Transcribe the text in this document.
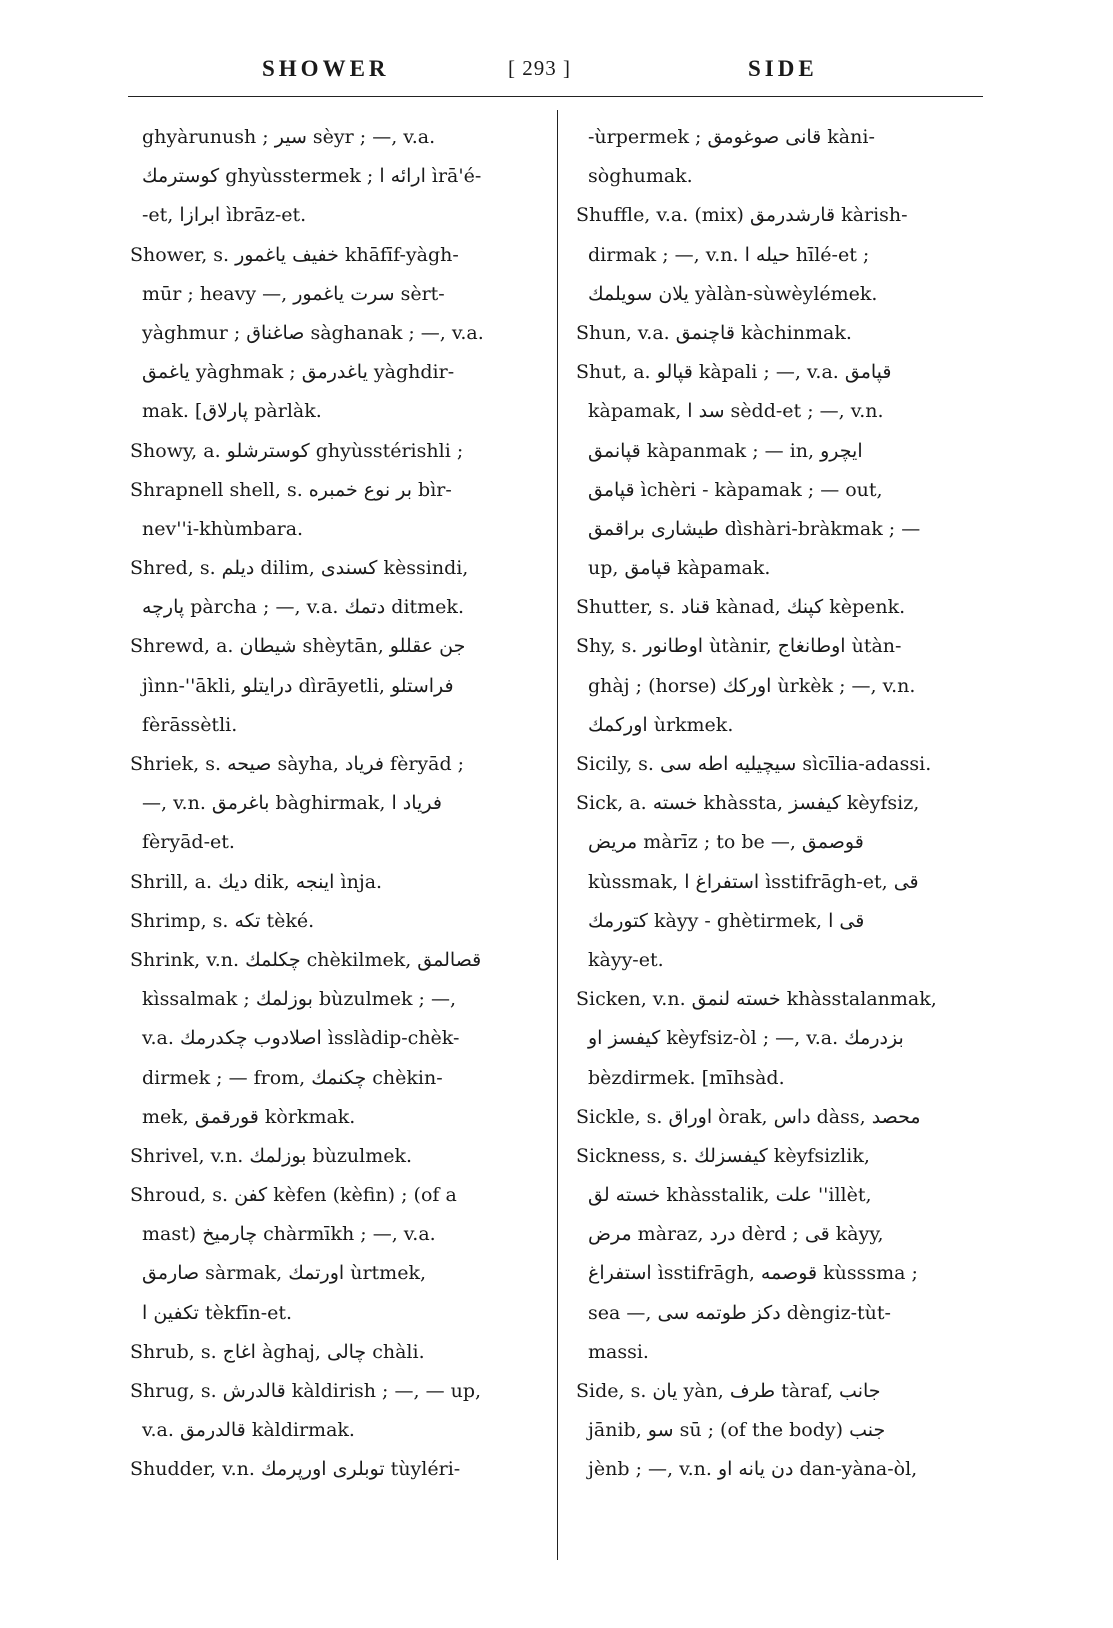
SHOWER	[ 293 ]	SIDE
ghyàrunush ; سیر sèyr ; —, v.a.
کوسترمك ghyùsstermek ; ارائه ا ìrā'é-
-et, ابرازا ìbrāz-et.
Shower, s. خفيف ياغمور khāfīf-yàgh-
mūr ; heavy —, سرت ياغمور sèrt-
yàghmur ; صاغناق sàghanak ; —, v.a.
ياغمق yàghmak ; ياغدرمق yàghdir-
mak. [پارلاق pàrlàk.
Showy, a. کوسترشلو ghyùsstérishli ;
Shrapnell shell, s. بر نوع خمبره bìr-
nev''i-khùmbara.
Shred, s. دیلم dilim, کسندی kèssindi,
پارچه pàrcha ; —, v.a. دتمك ditmek.
Shrewd, a. شیطان shèytān, جن عقللو
jìnn-''ākli, درایتلو dìrāyetli, فراستلو
fèrāssètli.
Shriek, s. صیحه sàyha, فریاد fèryād ;
—, v.n. باغرمق bàghirmak, فریاد ا
fèryād-et.
Shrill, a. دیك dik, اینجه ìnja.
Shrimp, s. تکه tèké.
Shrink, v.n. چکلمك chèkilmek, قصالمق
kìssalmak ; بوزلمك bùzulmek ; —,
v.a. اصلادوب چکدرمك ìsslàdip-chèk-
dirmek ; — from, چکنمك chèkin-
mek, قورقمق kòrkmak.
Shrivel, v.n. بوزلمك bùzulmek.
Shroud, s. کفن kèfen (kèfin) ; (of a
mast) چارمیخ chàrmīkh ; —, v.a.
صارمق sàrmak, اورتمك ùrtmek,
تکفین ا tèkfīn-et.
Shrub, s. اغاج àghaj, چالی chàli.
Shrug, s. قالدرش kàldirish ; —, — up,
v.a. قالدرمق kàldirmak.
Shudder, v.n. توبلری اورپرمك tùyléri-
-ùrpermek ; قانی صوغومق kàni-
sòghumak.
Shuffle, v.a. (mix) قارشدرمق kàrish-
dirmak ; —, v.n. حیله ا hīlé-et ;
یلان سویلمك yàlàn-sùwèylémek.
Shun, v.a. قاچنمق kàchinmak.
Shut, a. قپالو kàpali ; —, v.a. قپامق
kàpamak, سد ا sèdd-et ; —, v.n.
قپانمق kàpanmak ; — in, ایچرو
قپامق ìchèri - kàpamak ; — out,
طیشاری براقمق dìshàri-bràkmak ; —
up, قپامق kàpamak.
Shutter, s. قناد kànad, کپنك kèpenk.
Shy, s. اوطانور ùtànir, اوطانغاج ùtàn-
ghàj ; (horse) اورکك ùrkèk ; —, v.n.
اورکمك ùrkmek.
Sicily, s. سیچیلیه اطه سی sìcīlia-adassi.
Sick, a. خسته khàssta, کیفسز kèyfsiz,
مریض màrīz ; to be —, قوصمق
kùssmak, استفراغ ا ìsstifrāgh-et, قی
کتورمك kàyy - ghètirmek, قی ا
kàyy-et.
Sicken, v.n. خسته لنمق khàsstalanmak,
کیفسز او kèyfsiz-òl ; —, v.a. بزدرمك
bèzdirmek. [mīhsàd.
Sickle, s. اوراق òrak, داس dàss, محصد
Sickness, s. کیفسزلك kèyfsizlik,
خسته لق khàsstalik, علت ''illèt,
مرض màraz, درد dèrd ; قی kàyy,
استفراغ ìsstifrāgh, قوصمه kùsssma ;
sea —, دکز طوتمه سی dèngiz-tùt-
massi.
Side, s. یان yàn, طرف tàraf, جانب
jānib, سو sū ; (of the body) جنب
jènb ; —, v.n. دن یانه او dan-yàna-òl,
